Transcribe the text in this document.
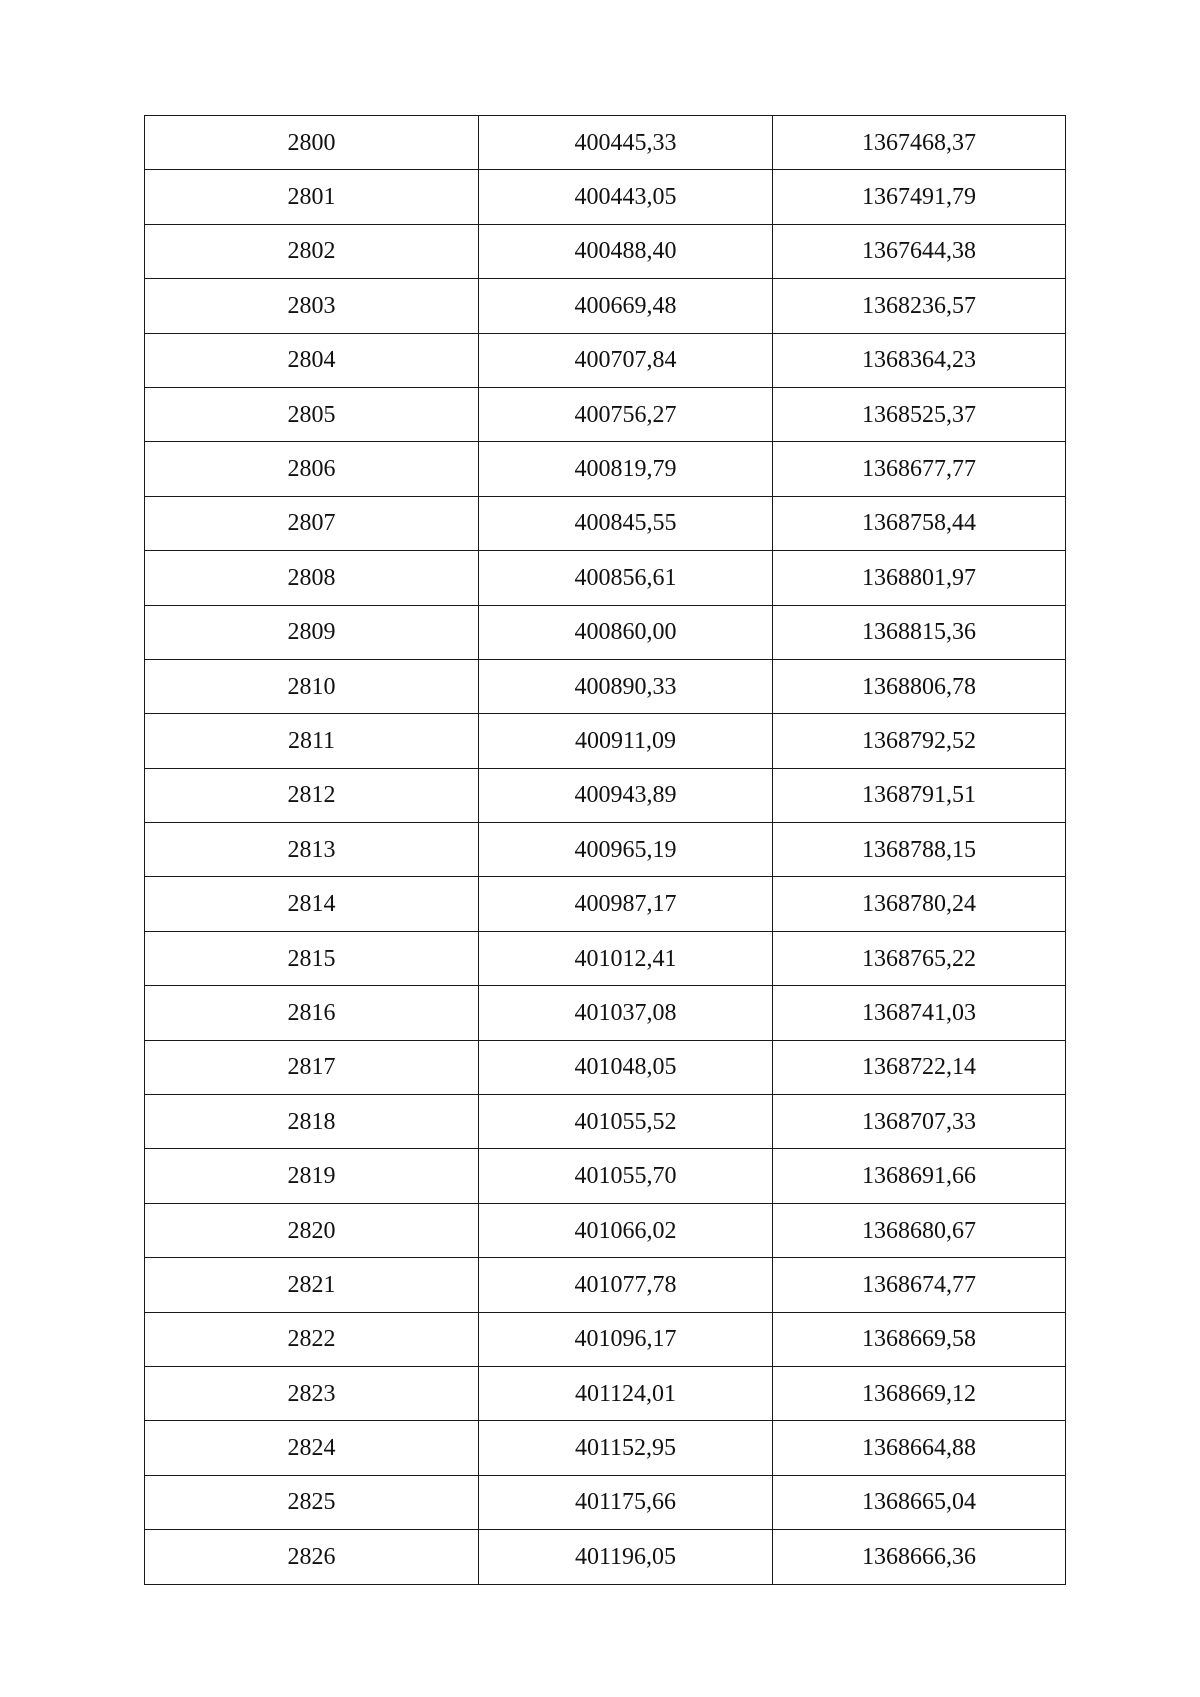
2800	400445,33	1367468,37
2801	400443,05	1367491,79
2802	400488,40	1367644,38
2803	400669,48	1368236,57
2804	400707,84	1368364,23
2805	400756,27	1368525,37
2806	400819,79	1368677,77
2807	400845,55	1368758,44
2808	400856,61	1368801,97
2809	400860,00	1368815,36
2810	400890,33	1368806,78
2811	400911,09	1368792,52
2812	400943,89	1368791,51
2813	400965,19	1368788,15
2814	400987,17	1368780,24
2815	401012,41	1368765,22
2816	401037,08	1368741,03
2817	401048,05	1368722,14
2818	401055,52	1368707,33
2819	401055,70	1368691,66
2820	401066,02	1368680,67
2821	401077,78	1368674,77
2822	401096,17	1368669,58
2823	401124,01	1368669,12
2824	401152,95	1368664,88
2825	401175,66	1368665,04
2826	401196,05	1368666,36
